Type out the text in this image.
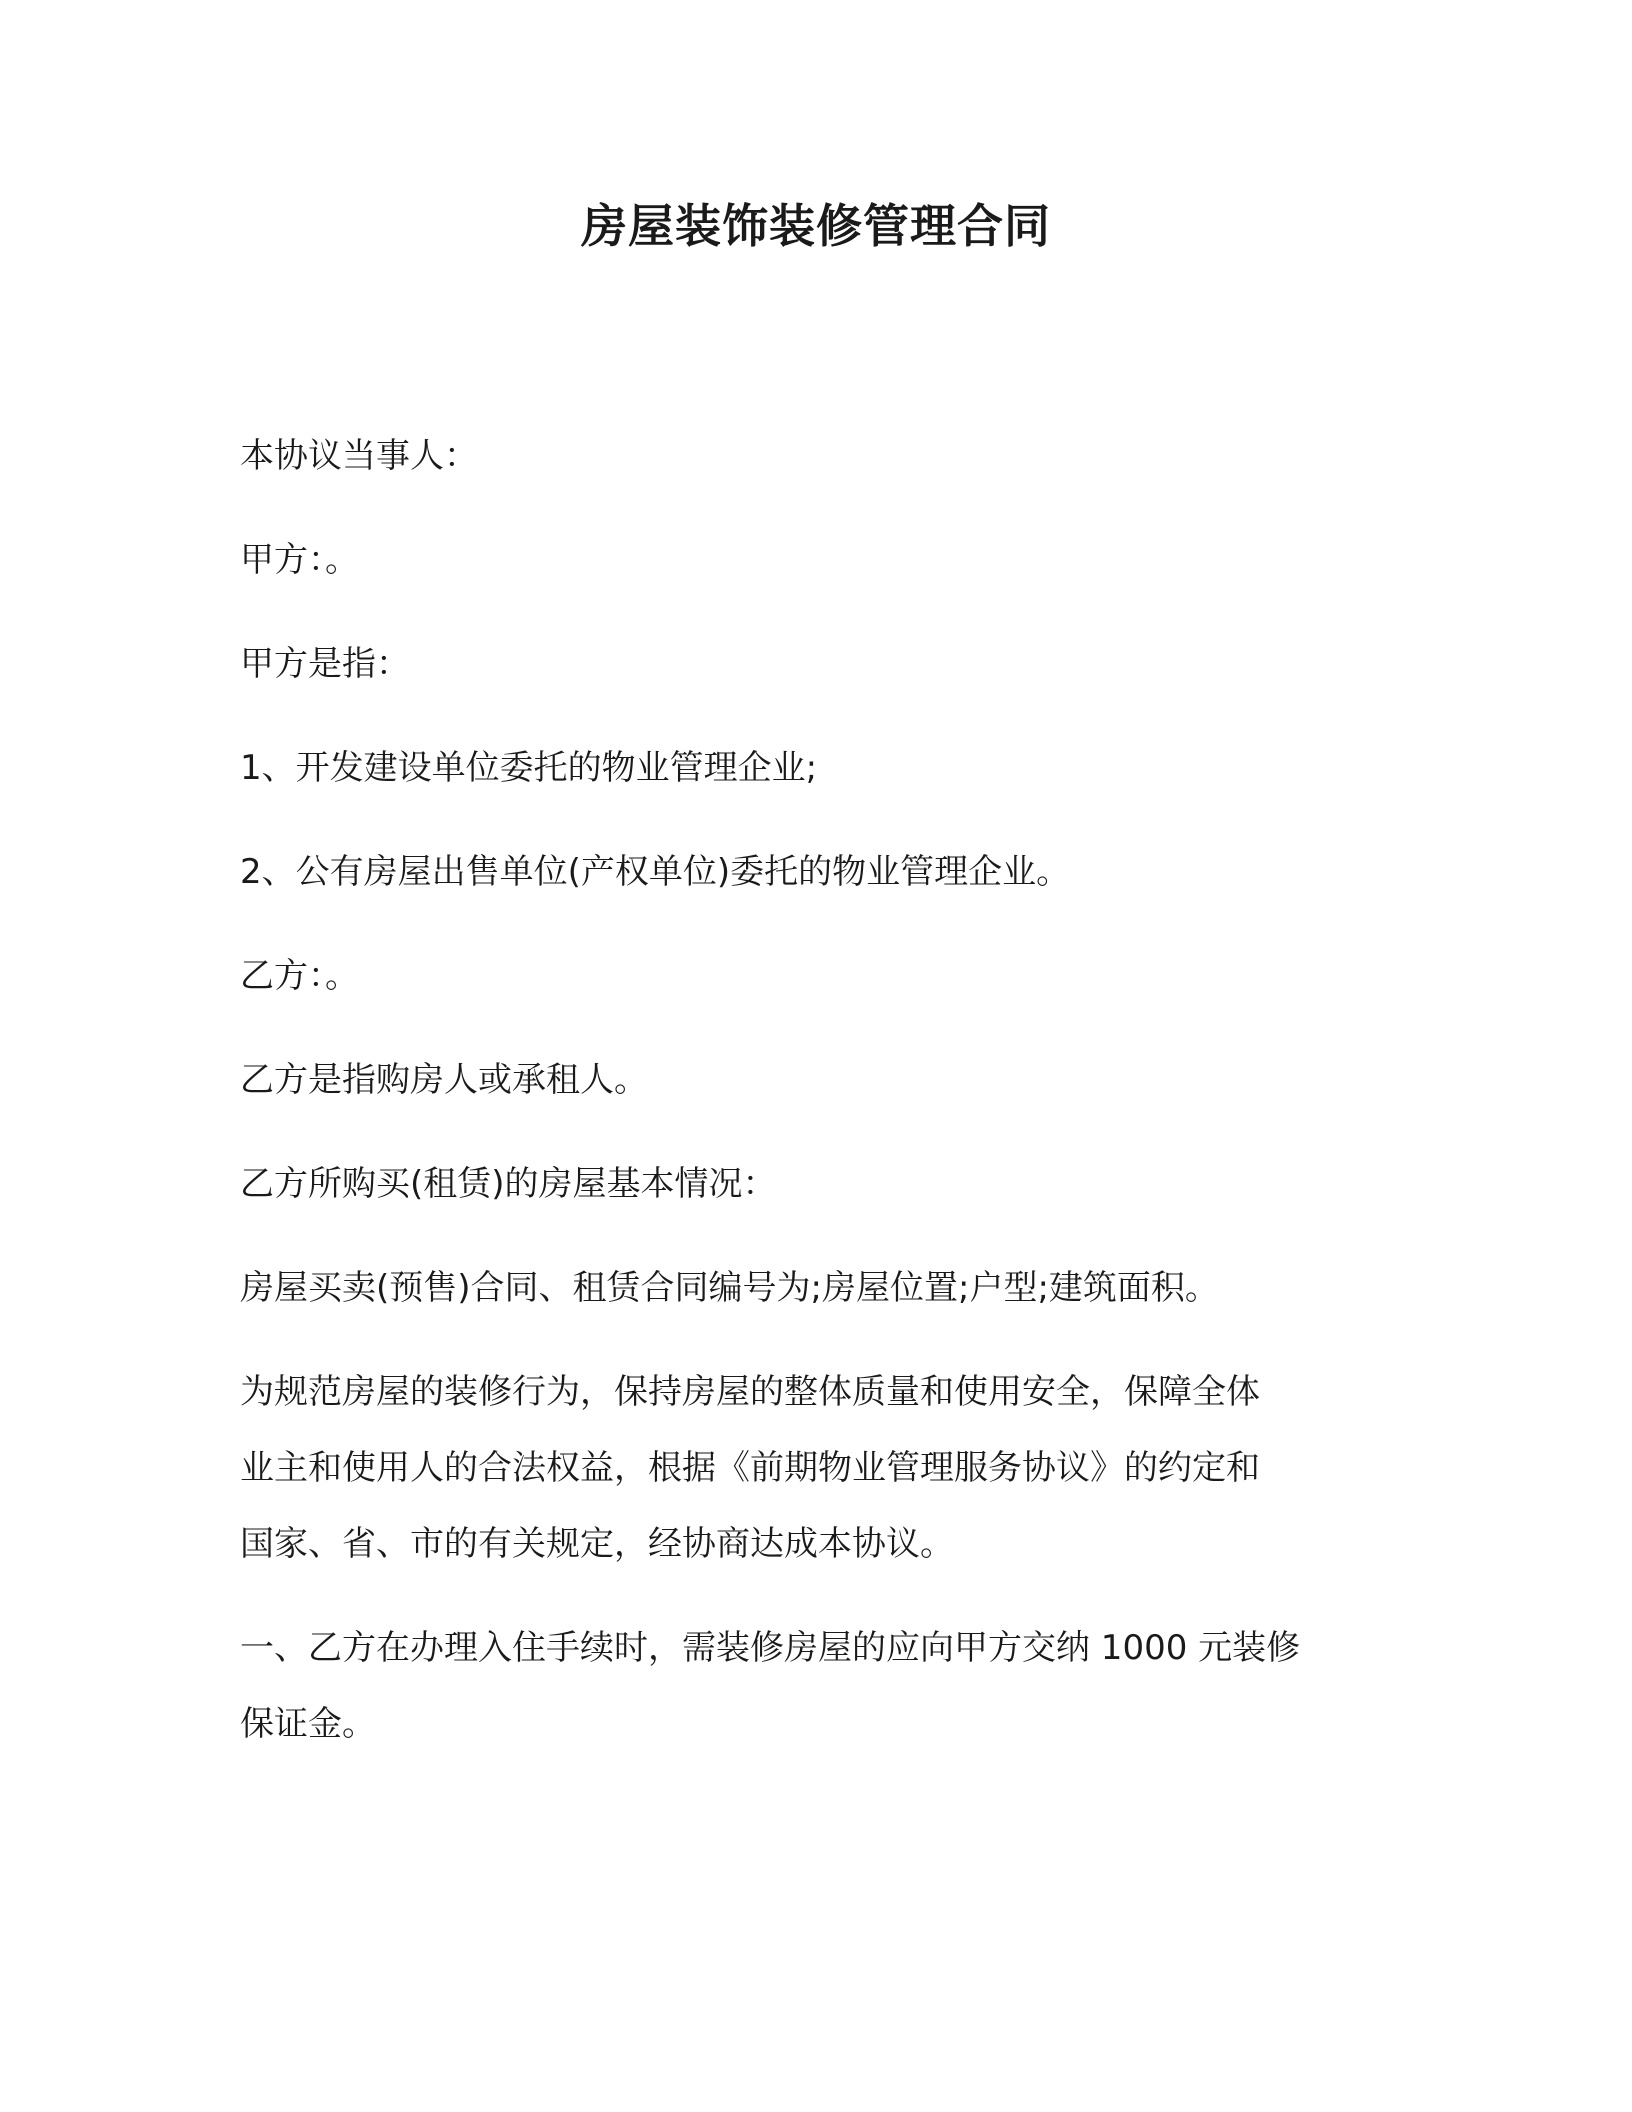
房屋装饰装修管理合同

本协议当事人：

甲方：。

甲方是指：

1、开发建设单位委托的物业管理企业;

2、公有房屋出售单位(产权单位)委托的物业管理企业。

乙方：。

乙方是指购房人或承租人。

乙方所购买(租赁)的房屋基本情况：

房屋买卖(预售)合同、租赁合同编号为;房屋位置;户型;建筑面积。

为规范房屋的装修行为，保持房屋的整体质量和使用安全，保障全体
业主和使用人的合法权益，根据《前期物业管理服务协议》的约定和
国家、省、市的有关规定，经协商达成本协议。

一、乙方在办理入住手续时，需装修房屋的应向甲方交纳 1000 元装修
保证金。
